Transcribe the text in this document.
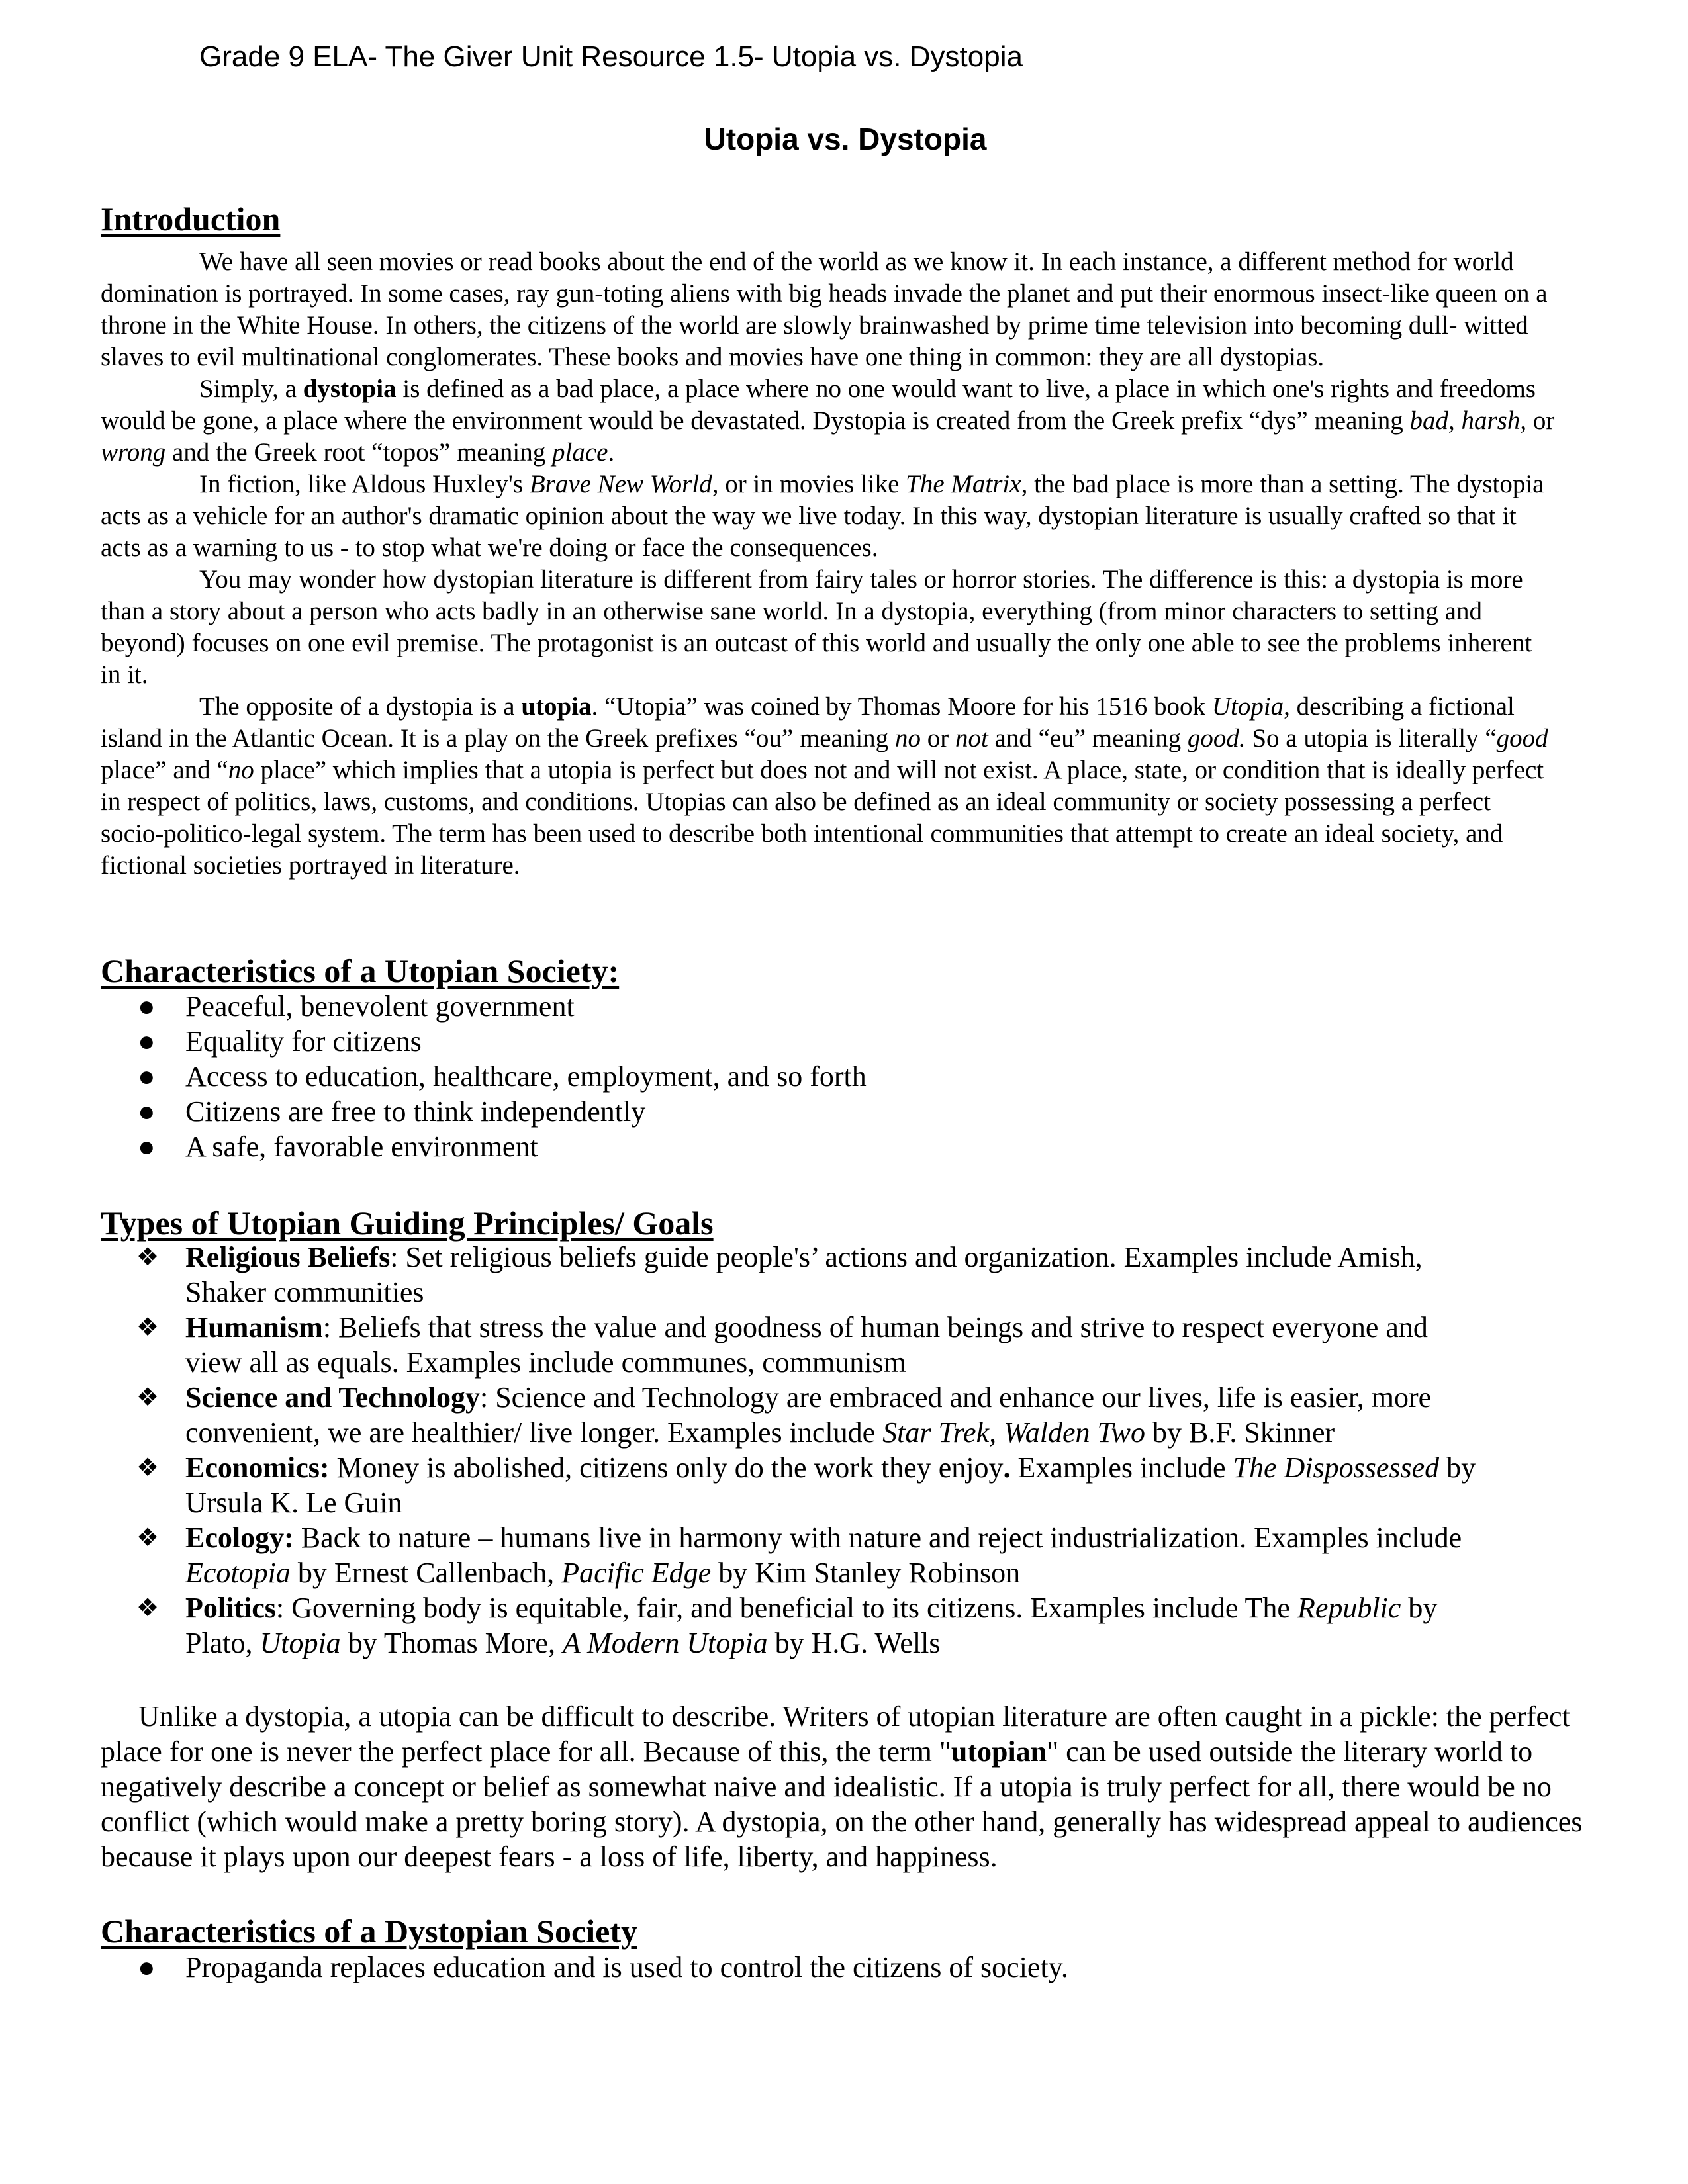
Grade 9 ELA- The Giver Unit Resource 1.5- Utopia vs. Dystopia
Utopia vs. Dystopia
Introduction

We have all seen movies or read books about the end of the world as we know it. In each instance, a different method for world domination is portrayed. In some cases, ray gun-toting aliens with big heads invade the planet and put their enormous insect-like queen on a throne in the White House. In others, the citizens of the world are slowly brainwashed by prime time television into becoming dull- witted slaves to evil multinational conglomerates. These books and movies have one thing in common: they are all dystopias.

Simply, a dystopia is defined as a bad place, a place where no one would want to live, a place in which one's rights and freedoms would be gone, a place where the environment would be devastated. Dystopia is created from the Greek prefix “dys” meaning bad, harsh, or wrong and the Greek root “topos” meaning place.

In fiction, like Aldous Huxley's Brave New World, or in movies like The Matrix, the bad place is more than a setting. The dystopia acts as a vehicle for an author's dramatic opinion about the way we live today. In this way, dystopian literature is usually crafted so that it acts as a warning to us - to stop what we're doing or face the consequences.

You may wonder how dystopian literature is different from fairy tales or horror stories. The difference is this: a dystopia is more than a story about a person who acts badly in an otherwise sane world. In a dystopia, everything (from minor characters to setting and beyond) focuses on one evil premise. The protagonist is an outcast of this world and usually the only one able to see the problems inherent in it.

The opposite of a dystopia is a utopia. “Utopia” was coined by Thomas Moore for his 1516 book Utopia, describing a fictional island in the Atlantic Ocean. It is a play on the Greek prefixes “ou” meaning no or not and “eu” meaning good. So a utopia is literally “good place” and “no place” which implies that a utopia is perfect but does not and will not exist. A place, state, or condition that is ideally perfect in respect of politics, laws, customs, and conditions. Utopias can also be defined as an ideal community or society possessing a perfect socio-politico-legal system. The term has been used to describe both intentional communities that attempt to create an ideal society, and fictional societies portrayed in literature.

Characteristics of a Utopian Society:
● Peaceful, benevolent government
● Equality for citizens
● Access to education, healthcare, employment, and so forth
● Citizens are free to think independently
● A safe, favorable environment
Types of Utopian Guiding Principles/ Goals
❖ Religious Beliefs: Set religious beliefs guide people's’ actions and organization. Examples include Amish, Shaker communities
❖ Humanism: Beliefs that stress the value and goodness of human beings and strive to respect everyone and view all as equals. Examples include communes, communism
❖ Science and Technology: Science and Technology are embraced and enhance our lives, life is easier, more convenient, we are healthier/ live longer. Examples include Star Trek, Walden Two by B.F. Skinner
❖ Economics: Money is abolished, citizens only do the work they enjoy. Examples include The Dispossessed by Ursula K. Le Guin
❖ Ecology: Back to nature – humans live in harmony with nature and reject industrialization. Examples include Ecotopia by Ernest Callenbach, Pacific Edge by Kim Stanley Robinson
❖ Politics: Governing body is equitable, fair, and beneficial to its citizens. Examples include The Republic by Plato, Utopia by Thomas More, A Modern Utopia by H.G. Wells
Unlike a dystopia, a utopia can be difficult to describe. Writers of utopian literature are often caught in a pickle: the perfect place for one is never the perfect place for all. Because of this, the term "utopian" can be used outside the literary world to negatively describe a concept or belief as somewhat naive and idealistic. If a utopia is truly perfect for all, there would be no conflict (which would make a pretty boring story). A dystopia, on the other hand, generally has widespread appeal to audiences because it plays upon our deepest fears - a loss of life, liberty, and happiness.
Characteristics of a Dystopian Society
● Propaganda replaces education and is used to control the citizens of society.
